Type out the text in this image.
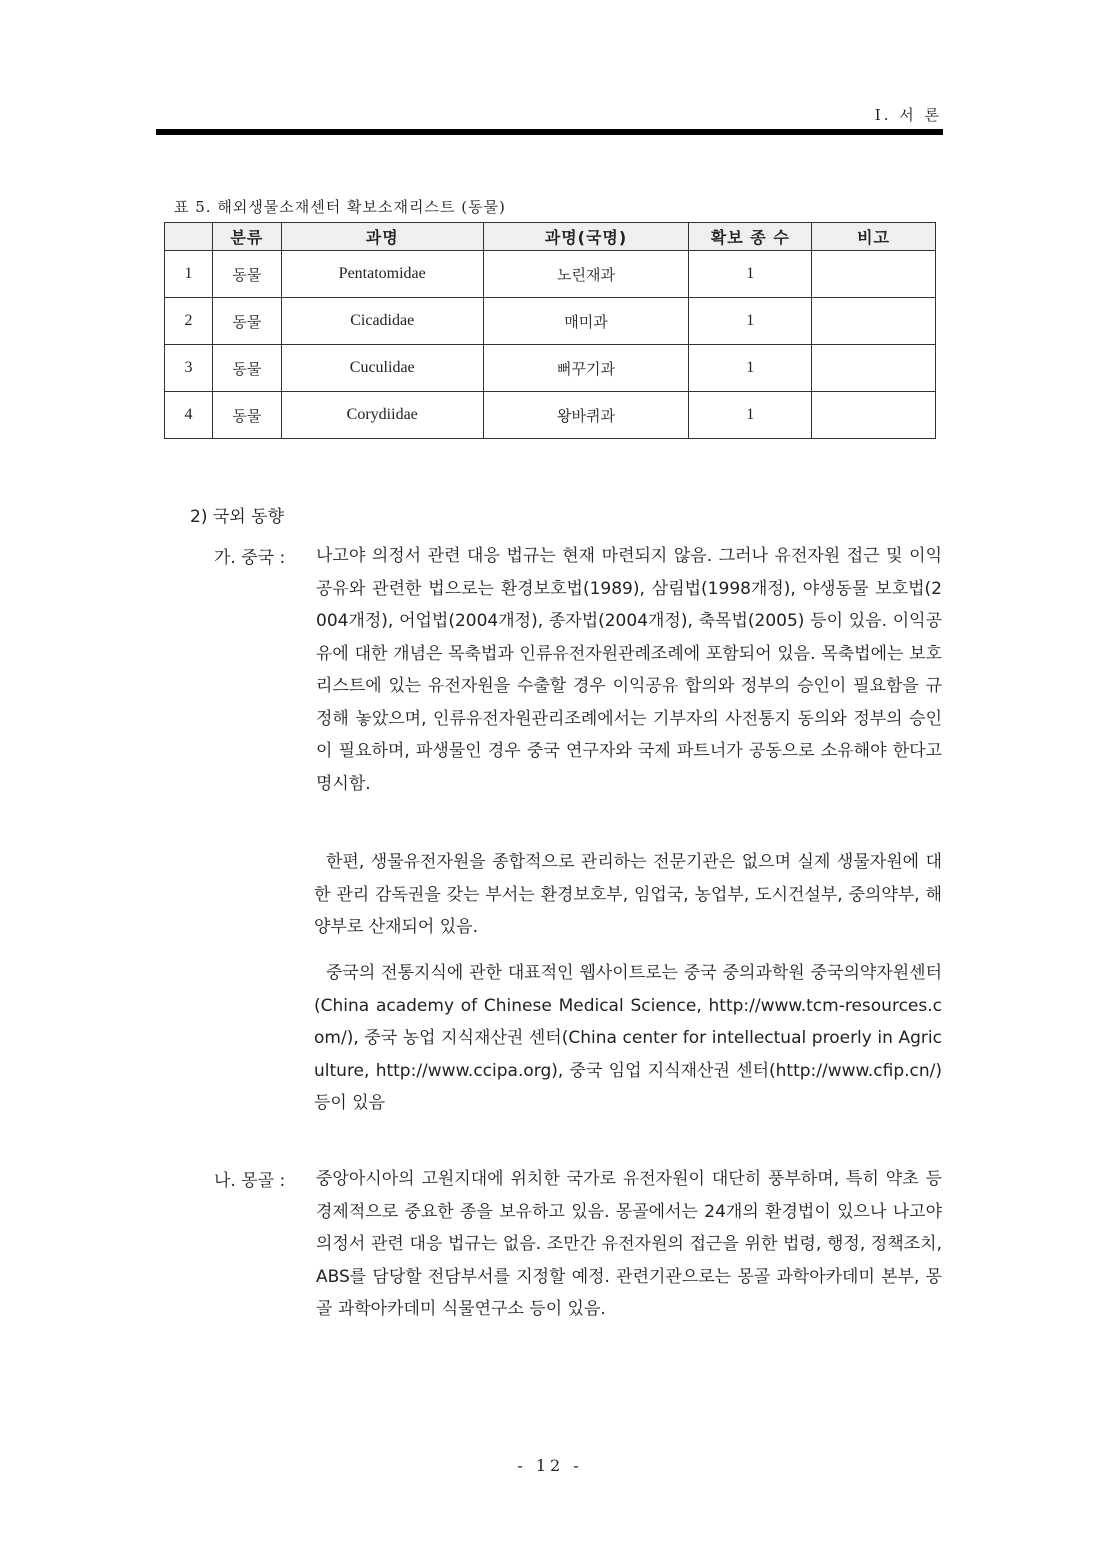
I. 서 론
표 5. 해외생물소재센터 확보소재리스트 (동물)
	분류	과명	과명(국명)	확보 종 수	비고
1	동물	Pentatomidae	노린재과	1	
2	동물	Cicadidae	매미과	1	
3	동물	Cuculidae	뻐꾸기과	1	
4	동물	Corydiidae	왕바퀴과	1	
2) 국외 동향
가. 중국 : 나고야 의정서 관련 대응 법규는 현재 마련되지 않음. 그러나 유전자원 접근 및 이익공유와 관련한 법으로는 환경보호법(1989), 삼림법(1998개정), 야생동물 보호법(2004개정), 어업법(2004개정), 종자법(2004개정), 축목법(2005) 등이 있음. 이익공유에 대한 개념은 목축법과 인류유전자원관례조례에 포함되어 있음. 목축법에는 보호리스트에 있는 유전자원을 수출할 경우 이익공유 합의와 정부의 승인이 필요함을 규정해 놓았으며, 인류유전자원관리조례에서는 기부자의 사전통지 동의와 정부의 승인이 필요하며, 파생물인 경우 중국 연구자와 국제 파트너가 공동으로 소유해야 한다고 명시함.
한편, 생물유전자원을 종합적으로 관리하는 전문기관은 없으며 실제 생물자원에 대한 관리 감독권을 갖는 부서는 환경보호부, 임업국, 농업부, 도시건설부, 중의약부, 해양부로 산재되어 있음.
중국의 전통지식에 관한 대표적인 웹사이트로는 중국 중의과학원 중국의약자원센터(China academy of Chinese Medical Science, http://www.tcm-resources.com/), 중국 농업 지식재산권 센터(China center for intellectual proerly in Agriculture, http://www.ccipa.org), 중국 임업 지식재산권 센터(http://www.cfip.cn/) 등이 있음
나. 몽골 : 중앙아시아의 고원지대에 위치한 국가로 유전자원이 대단히 풍부하며, 특히 약초 등 경제적으로 중요한 종을 보유하고 있음. 몽골에서는 24개의 환경법이 있으나 나고야 의정서 관련 대응 법규는 없음. 조만간 유전자원의 접근을 위한 법령, 행정, 정책조치, ABS를 담당할 전담부서를 지정할 예정. 관련기관으로는 몽골 과학아카데미 본부, 몽골 과학아카데미 식물연구소 등이 있음.
- 12 -
